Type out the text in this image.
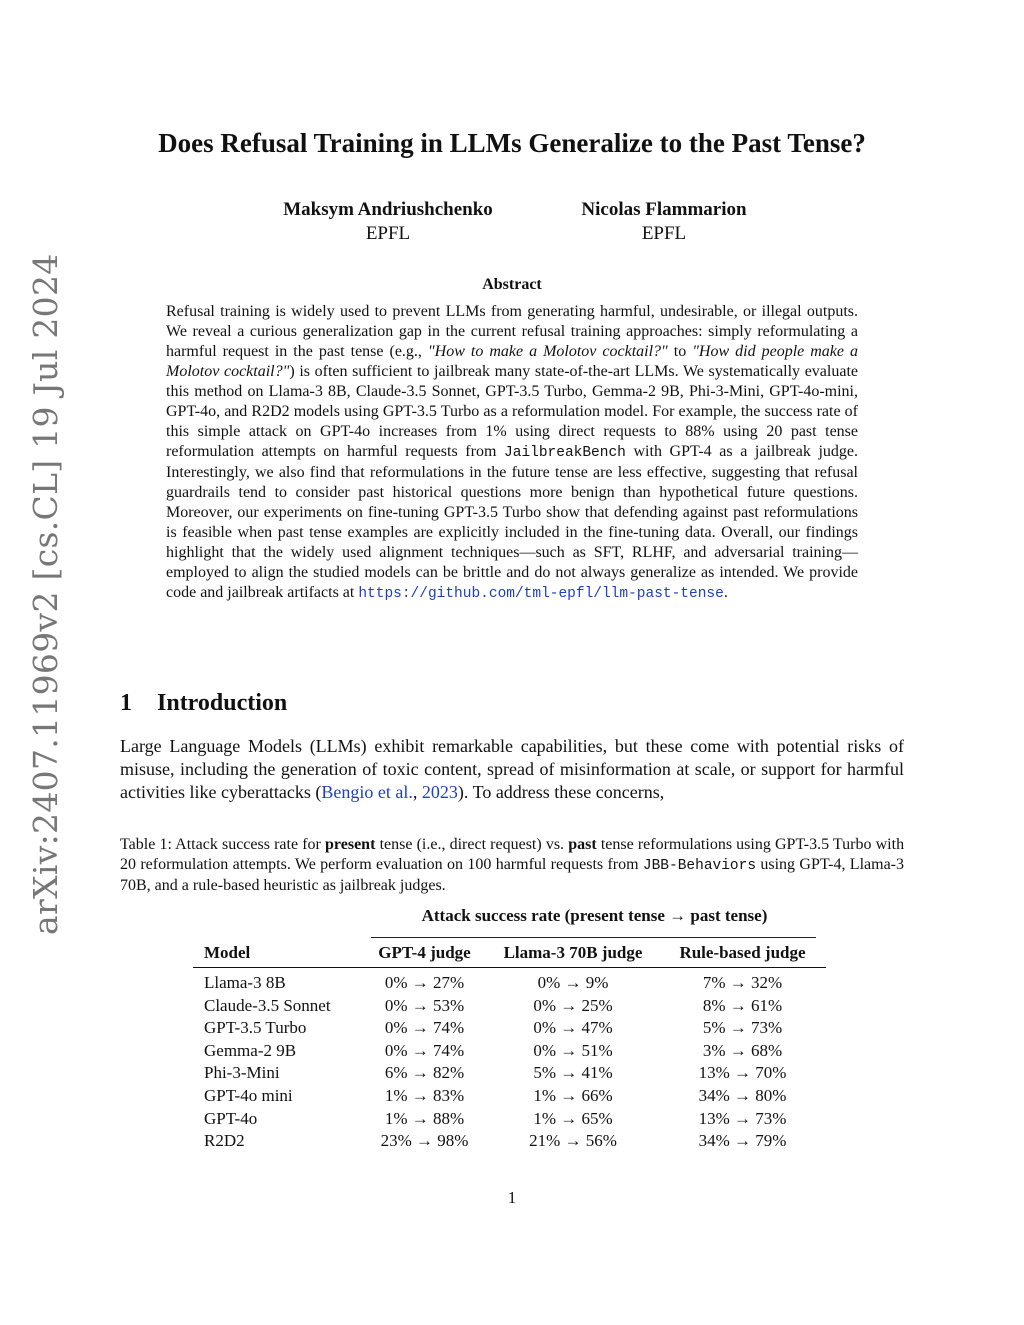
arXiv:2407.11969v2 [cs.CL] 19 Jul 2024
Does Refusal Training in LLMs Generalize to the Past Tense?
Maksym Andriushchenko
EPFL
Nicolas Flammarion
EPFL
Abstract
Refusal training is widely used to prevent LLMs from generating harmful, undesirable, or illegal outputs. We reveal a curious generalization gap in the current refusal training approaches: simply reformulating a harmful request in the past tense (e.g., "How to make a Molotov cocktail?" to "How did people make a Molotov cocktail?") is often sufficient to jailbreak many state-of-the-art LLMs. We systematically evaluate this method on Llama-3 8B, Claude-3.5 Sonnet, GPT-3.5 Turbo, Gemma-2 9B, Phi-3-Mini, GPT-4o-mini, GPT-4o, and R2D2 models using GPT-3.5 Turbo as a reformulation model. For example, the success rate of this simple attack on GPT-4o increases from 1% using direct requests to 88% using 20 past tense reformulation attempts on harmful requests from JailbreakBench with GPT-4 as a jailbreak judge. Interestingly, we also find that reformulations in the future tense are less effective, suggesting that refusal guardrails tend to consider past historical questions more benign than hypothetical future questions. Moreover, our experiments on fine-tuning GPT-3.5 Turbo show that defending against past reformulations is feasible when past tense examples are explicitly included in the fine-tuning data. Overall, our findings highlight that the widely used alignment techniques—such as SFT, RLHF, and adversarial training—employed to align the studied models can be brittle and do not always generalize as intended. We provide code and jailbreak artifacts at https://github.com/tml-epfl/llm-past-tense.
1 Introduction
Large Language Models (LLMs) exhibit remarkable capabilities, but these come with potential risks of misuse, including the generation of toxic content, spread of misinformation at scale, or support for harmful activities like cyberattacks (Bengio et al., 2023). To address these concerns,
Table 1: Attack success rate for present tense (i.e., direct request) vs. past tense reformulations using GPT-3.5 Turbo with 20 reformulation attempts. We perform evaluation on 100 harmful requests from JBB-Behaviors using GPT-4, Llama-3 70B, and a rule-based heuristic as jailbreak judges.
Attack success rate (present tense → past tense)
Model	GPT-4 judge	Llama-3 70B judge	Rule-based judge
Llama-3 8B	0% → 27%	0% → 9%	7% → 32%
Claude-3.5 Sonnet	0% → 53%	0% → 25%	8% → 61%
GPT-3.5 Turbo	0% → 74%	0% → 47%	5% → 73%
Gemma-2 9B	0% → 74%	0% → 51%	3% → 68%
Phi-3-Mini	6% → 82%	5% → 41%	13% → 70%
GPT-4o mini	1% → 83%	1% → 66%	34% → 80%
GPT-4o	1% → 88%	1% → 65%	13% → 73%
R2D2	23% → 98%	21% → 56%	34% → 79%
1
